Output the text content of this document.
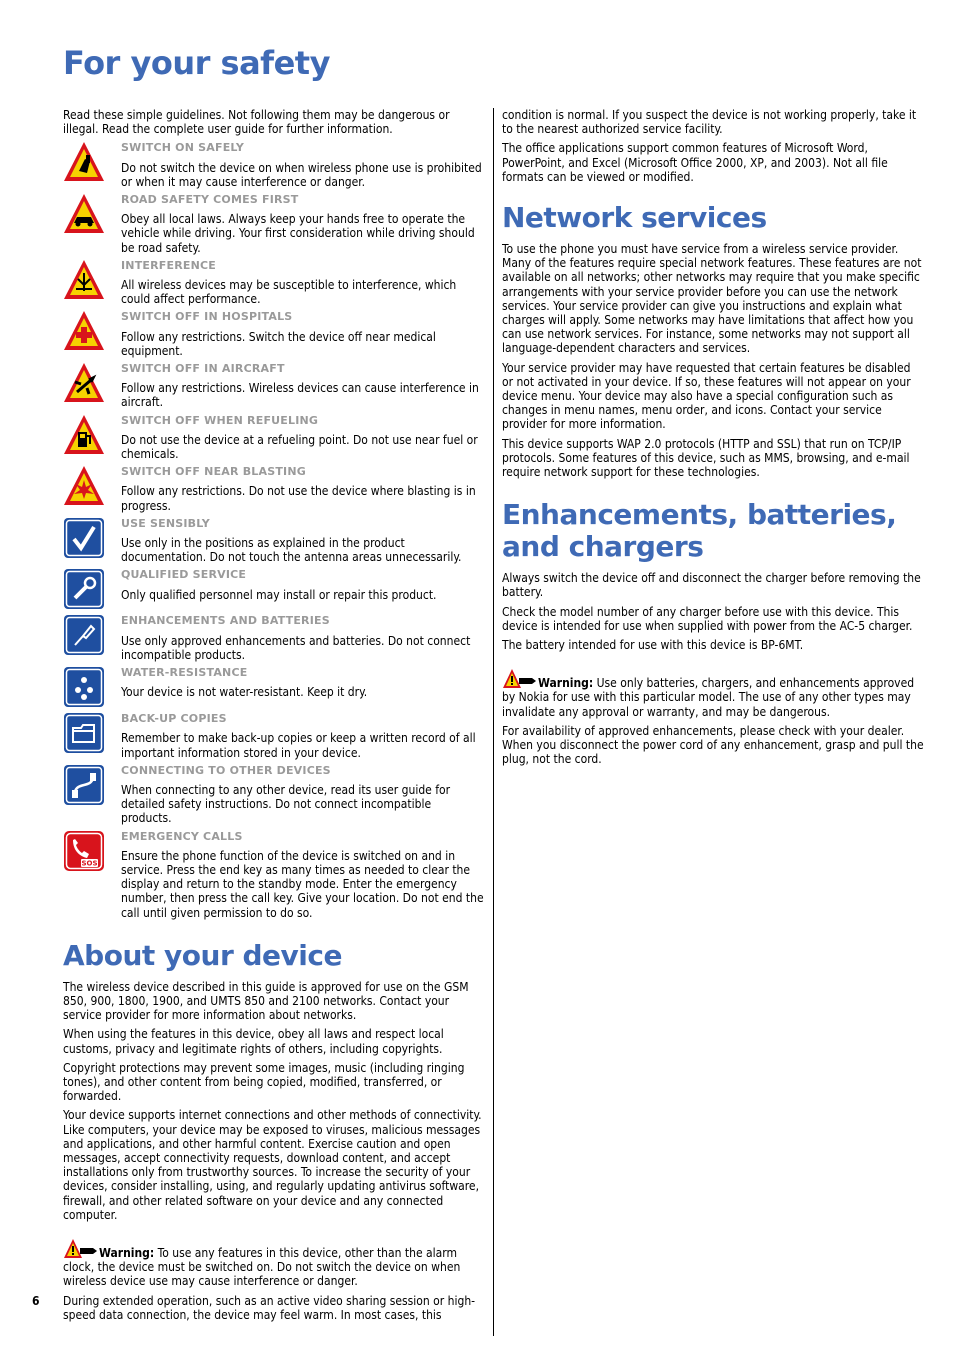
For your safety

Read these simple guidelines. Not following them may be dangerous or illegal. Read the complete user guide for further information.

SWITCH ON SAFELY
Do not switch the device on when wireless phone use is prohibited or when it may cause interference or danger.
ROAD SAFETY COMES FIRST
Obey all local laws. Always keep your hands free to operate the vehicle while driving. Your first consideration while driving should be road safety.
INTERFERENCE
All wireless devices may be susceptible to interference, which could affect performance.
SWITCH OFF IN HOSPITALS
Follow any restrictions. Switch the device off near medical equipment.
SWITCH OFF IN AIRCRAFT
Follow any restrictions. Wireless devices can cause interference in aircraft.
SWITCH OFF WHEN REFUELING
Do not use the device at a refueling point. Do not use near fuel or chemicals.
SWITCH OFF NEAR BLASTING
Follow any restrictions. Do not use the device where blasting is in progress.
USE SENSIBLY
Use only in the positions as explained in the product documentation. Do not touch the antenna areas unnecessarily.
QUALIFIED SERVICE
Only qualified personnel may install or repair this product.
ENHANCEMENTS AND BATTERIES
Use only approved enhancements and batteries. Do not connect incompatible products.
WATER-RESISTANCE
Your device is not water-resistant. Keep it dry.
BACK-UP COPIES
Remember to make back-up copies or keep a written record of all important information stored in your device.
CONNECTING TO OTHER DEVICES
When connecting to any other device, read its user guide for detailed safety instructions. Do not connect incompatible products.
SOS
EMERGENCY CALLS
Ensure the phone function of the device is switched on and in service. Press the end key as many times as needed to clear the display and return to the standby mode. Enter the emergency number, then press the call key. Give your location. Do not end the call until given permission to do so.
About your device

The wireless device described in this guide is approved for use on the GSM 850, 900, 1800, 1900, and UMTS 850 and 2100 networks. Contact your service provider for more information about networks.

When using the features in this device, obey all laws and respect local customs, privacy and legitimate rights of others, including copyrights.

Copyright protections may prevent some images, music (including ringing tones), and other content from being copied, modified, transferred, or forwarded.

Your device supports internet connections and other methods of connectivity. Like computers, your device may be exposed to viruses, malicious messages and applications, and other harmful content. Exercise caution and open messages, accept connectivity requests, download content, and accept installations only from trustworthy sources. To increase the security of your devices, consider installing, using, and regularly updating antivirus software, firewall, and other related software on your device and any connected computer.

Warning: To use any features in this device, other than the alarm clock, the device must be switched on. Do not switch the device on when wireless device use may cause interference or danger.

During extended operation, such as an active video sharing session or high-speed data connection, the device may feel warm. In most cases, this

condition is normal. If you suspect the device is not working properly, take it to the nearest authorized service facility.

The office applications support common features of Microsoft Word, PowerPoint, and Excel (Microsoft Office 2000, XP, and 2003). Not all file formats can be viewed or modified.

Network services

To use the phone you must have service from a wireless service provider. Many of the features require special network features. These features are not available on all networks; other networks may require that you make specific arrangements with your service provider before you can use the network services. Your service provider can give you instructions and explain what charges will apply. Some networks may have limitations that affect how you can use network services. For instance, some networks may not support all language-dependent characters and services.

Your service provider may have requested that certain features be disabled or not activated in your device. If so, these features will not appear on your device menu. Your device may also have a special configuration such as changes in menu names, menu order, and icons. Contact your service provider for more information.

This device supports WAP 2.0 protocols (HTTP and SSL) that run on TCP/IP protocols. Some features of this device, such as MMS, browsing, and e-mail require network support for these technologies.

Enhancements, batteries, and chargers

Always switch the device off and disconnect the charger before removing the battery.

Check the model number of any charger before use with this device. This device is intended for use when supplied with power from the AC-5 charger.

The battery intended for use with this device is BP-6MT.

Warning: Use only batteries, chargers, and enhancements approved by Nokia for use with this particular model. The use of any other types may invalidate any approval or warranty, and may be dangerous.

For availability of approved enhancements, please check with your dealer. When you disconnect the power cord of any enhancement, grasp and pull the plug, not the cord.

6
